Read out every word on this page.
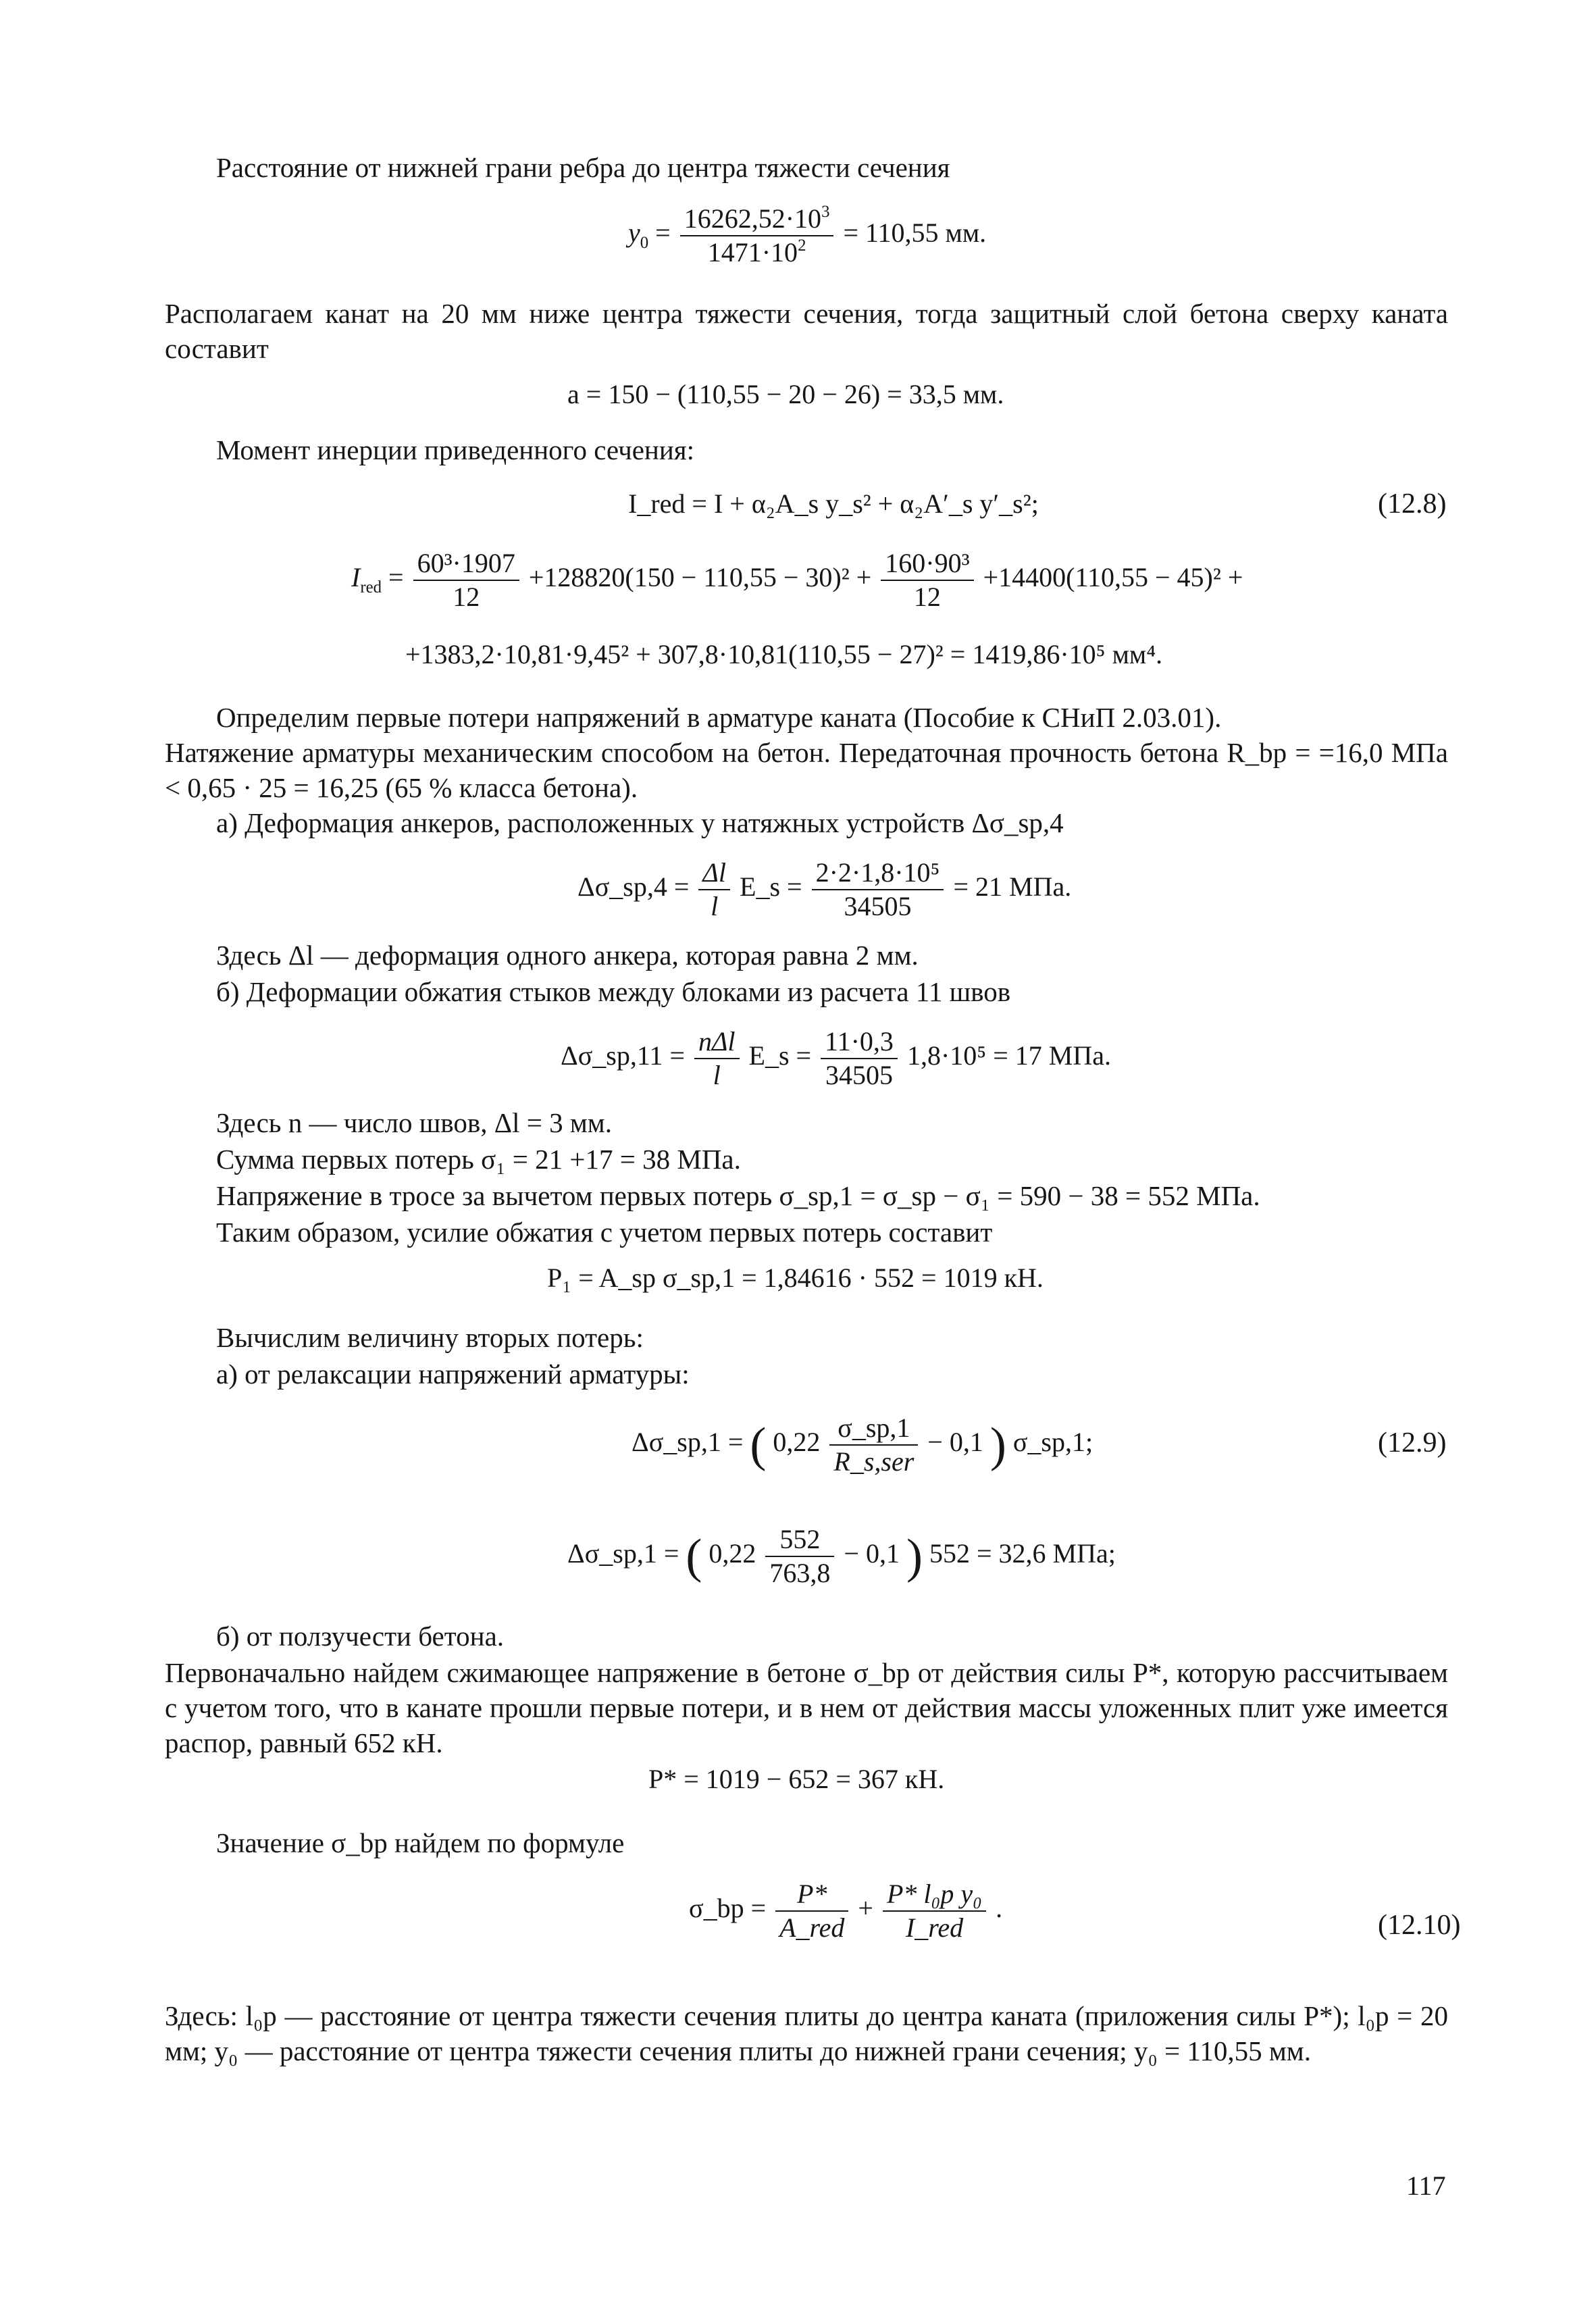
Расстояние от нижней грани ребра до центра тяжести сечения
$y_0 = \frac{16262,52\cdot 10^3}{1471\cdot 10^2} = 110,55$ мм.
Располагаем канат на 20 мм ниже центра тяжести сечения, тогда защитный слой бетона сверху каната составит
a = 150 − (110,55 − 20 − 26) = 33,5 мм.
Момент инерции приведенного сечения:
I_red = I + α₂A_s y_s² + α₂A′_s y′_s²;	(12.8)
$I_{red} = \frac{\text{60³·1907}}{12} +128820(150 - 110,55 - 30)^2 + \frac{\text{160·90³}}{12} +14400(110,55 - 45)^2$ +
+1383,2·10,81·9,45² + 307,8·10,81(110,55 − 27)² = 1419,86·10⁵ мм⁴.
Определим первые потери напряжений в арматуре каната (Пособие к СНиП 2.03.01).
Натяжение арматуры механическим способом на бетон. Передаточная прочность бетона R_bp = =16,0 МПа < 0,65 · 25 = 16,25 (65 % класса бетона).
а) Деформация анкеров, расположенных у натяжных устройств Δσ_sp,4
Δσ_sp,4 = $\frac{\Delta l}{l}$ E_s = $\frac{\text{2·2·1,8·10⁵}}{34505} = 21$ МПа.
Здесь Δl — деформация одного анкера, которая равна 2 мм.
б) Деформации обжатия стыков между блоками из расчета 11 швов
Δσ_sp,11 = $\frac{\text{nΔl}}{l}$ E_s = $\frac{11\cdot 0,3}{34505} 1,8\cdot 10^5 = 17$ МПа.
Здесь n — число швов, Δl = 3 мм.
Сумма первых потерь σ₁ = 21 +17 = 38 МПа.
Напряжение в тросе за вычетом первых потерь σ_sp,1 = σ_sp − σ₁ = 590 − 38 = 552 МПа.
Таким образом, усилие обжатия с учетом первых потерь составит
P₁ = A_sp σ_sp,1 = 1,84616 · 552 = 1019 кН.
Вычислим величину вторых потерь:
а) от релаксации напряжений арматуры:
Δσ_sp,1 = ( $0,22 \frac{\sigma\_sp,1}{\text{R\_s,ser}} - 0,1$ ) σ_sp,1;	(12.9)
Δσ_sp,1 = ( $0,22 \frac{552}{763,8} - 0,1$ ) 552 = 32,6 МПа;
б) от ползучести бетона.
Первоначально найдем сжимающее напряжение в бетоне σ_bp от действия силы P*, которую рассчитываем с учетом того, что в канате прошли первые потери, и в нем от действия массы уложенных плит уже имеется распор, равный 652 кН.
P* = 1019 − 652 = 367 кН.
Значение σ_bp найдем по формуле
σ_bp = $\frac{P*}{\text{A\_red}} + \frac{\text{P* l₀p y₀}}{\text{I\_red}}$ .
(12.10)
Здесь: l₀p — расстояние от центра тяжести сечения плиты до центра каната (приложения силы P*); l₀p = 20 мм; y₀ — расстояние от центра тяжести сечения плиты до нижней грани сечения; y₀ = 110,55 мм.
117
